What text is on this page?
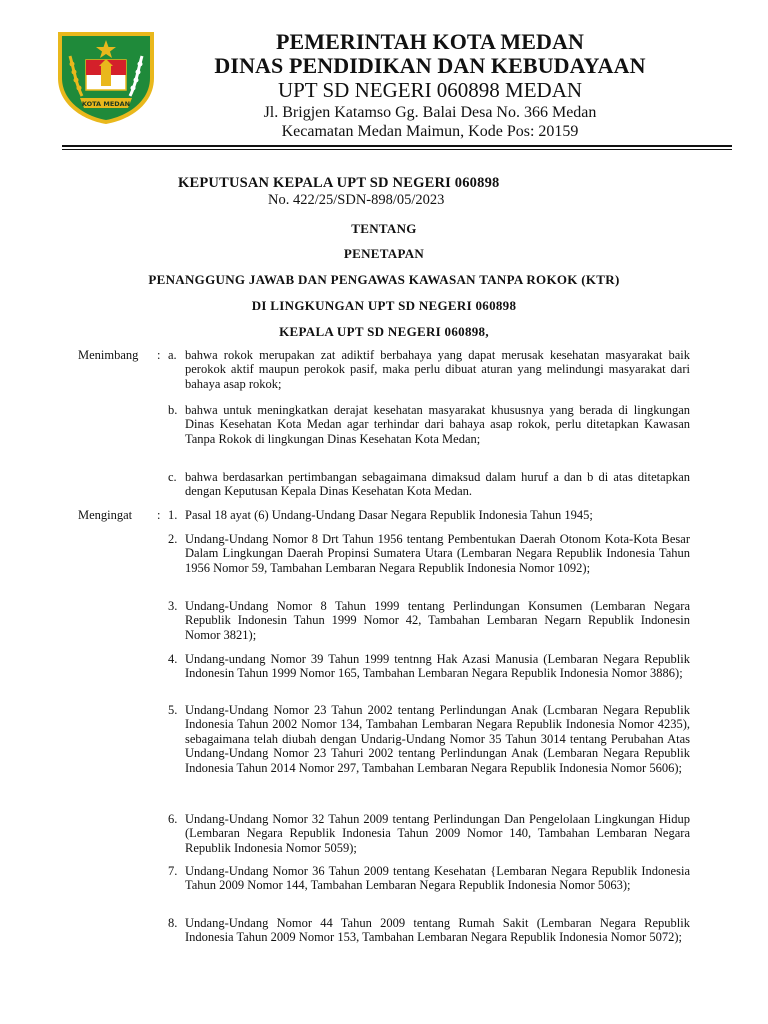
KOTA MEDAN
PEMERINTAH KOTA MEDAN
DINAS PENDIDIKAN DAN KEBUDAYAAN
UPT SD NEGERI 060898 MEDAN
Jl. Brigjen Katamso Gg. Balai Desa No. 366 Medan
Kecamatan Medan Maimun, Kode Pos: 20159
KEPUTUSAN KEPALA UPT SD NEGERI 060898
No. 422/25/SDN-898/05/2023
TENTANG
PENETAPAN
PENANGGUNG JAWAB DAN PENGAWAS KAWASAN TANPA ROKOK (KTR)
DI LINGKUNGAN UPT SD NEGERI 060898
KEPALA UPT SD NEGERI 060898,
Menimbang : a. bahwa rokok merupakan zat adiktif berbahaya yang dapat merusak kesehatan masyarakat baik perokok aktif maupun perokok pasif, maka perlu dibuat aturan yang melindungi masyarakat dari bahaya asap rokok;
b. bahwa untuk meningkatkan derajat kesehatan masyarakat khususnya yang berada di lingkungan Dinas Kesehatan Kota Medan agar terhindar dari bahaya asap rokok, perlu ditetapkan Kawasan Tanpa Rokok di lingkungan Dinas Kesehatan Kota Medan;
c. bahwa berdasarkan pertimbangan sebagaimana dimaksud dalam huruf a dan b di atas ditetapkan dengan Keputusan Kepala Dinas Kesehatan Kota Medan.
Mengingat : 1. Pasal 18 ayat (6) Undang-Undang Dasar Negara Republik Indonesia Tahun 1945;
2. Undang-Undang Nomor 8 Drt Tahun 1956 tentang Pembentukan Daerah Otonom Kota-Kota Besar Dalam Lingkungan Daerah Propinsi Sumatera Utara (Lembaran Negara Republik Indonesia Tahun 1956 Nomor 59, Tambahan Lembaran Negara Republik Indonesia Nomor 1092);
3. Undang-Undang Nomor 8 Tahun 1999 tentang Perlindungan Konsumen (Lembaran Negara Republik Indonesin Tahun 1999 Nomor 42, Tambahan Lembaran Negarn Republik Indonesin Nomor 3821);
4. Undang-undang Nomor 39 Tahun 1999 tentnng Hak Azasi Manusia (Lembaran Negara Republik Indonesin Tahun 1999 Nomor 165, Tambahan Lembaran Negara Republik Indonesia Nomor 3886);
5. Undang-Undang Nomor 23 Tahun 2002 tentang Perlindungan Anak (Lcmbaran Negara Republik Indonesia Tahun 2002 Nomor 134, Tambahan Lembaran Negara Republik Indonesia Nomor 4235), sebagaimana telah diubah dengan Undarig-Undang Nomor 35 Tahun 3014 tentang Perubahan Atas Undang-Undang Nomor 23 Tahuri 2002 tentang Perlindungan Anak (Lembaran Negara Republik Indonesia Tahun 2014 Nomor 297, Tambahan Lembaran Negara Republik Indonesia Nomor 5606);
6. Undang-Undang Nomor 32 Tahun 2009 tentang Perlindungan Dan Pengelolaan Lingkungan Hidup (Lembaran Negara Republik Indonesia Tahun 2009 Nomor 140, Tambahan Lembaran Negara Republik Indonesia Nomor 5059);
7. Undang-Undang Nomor 36 Tahun 2009 tentang Kesehatan {Lembaran Negara Republik Indonesia Tahun 2009 Nomor 144, Tambahan Lembaran Negara Republik Indonesia Nomor 5063);
8. Undang-Undang Nomor 44 Tahun 2009 tentang Rumah Sakit (Lembaran Negara Republik Indonesia Tahun 2009 Nomor 153, Tambahan Lembaran Negara Republik Indonesia Nomor 5072);
